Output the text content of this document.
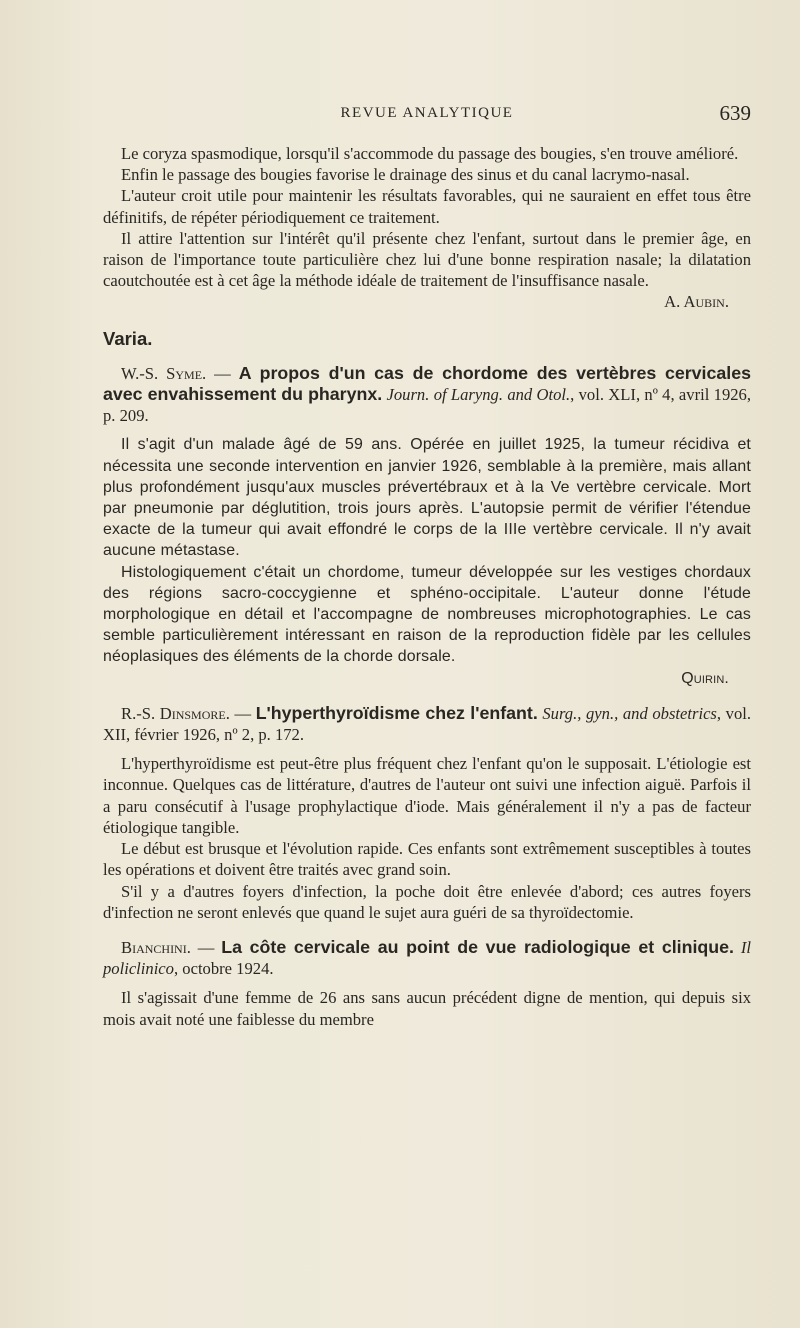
REVUE ANALYTIQUE	639

Le coryza spasmodique, lorsqu'il s'accommode du passage des bougies, s'en trouve amélioré.

Enfin le passage des bougies favorise le drainage des sinus et du canal lacrymo-nasal.

L'auteur croit utile pour maintenir les résultats favorables, qui ne sauraient en effet tous être définitifs, de répéter périodiquement ce traitement.

Il attire l'attention sur l'intérêt qu'il présente chez l'enfant, surtout dans le premier âge, en raison de l'importance toute particulière chez lui d'une bonne respiration nasale; la dilatation caoutchoutée est à cet âge la méthode idéale de traitement de l'insuffisance nasale.

A. Aubin.

Varia.

W.-S. Syme. — A propos d'un cas de chordome des vertèbres cervicales avec envahissement du pharynx. Journ. of Laryng. and Otol., vol. XLI, nº 4, avril 1926, p. 209.

Il s'agit d'un malade âgé de 59 ans. Opérée en juillet 1925, la tumeur récidiva et nécessita une seconde intervention en janvier 1926, semblable à la première, mais allant plus profondément jusqu'aux muscles prévertébraux et à la Ve vertèbre cervicale. Mort par pneumonie par déglutition, trois jours après. L'autopsie permit de vérifier l'étendue exacte de la tumeur qui avait effondré le corps de la IIIe vertèbre cervicale. Il n'y avait aucune métastase.

Histologiquement c'était un chordome, tumeur développée sur les vestiges chordaux des régions sacro-coccygienne et sphéno-occipitale. L'auteur donne l'étude morphologique en détail et l'accompagne de nombreuses microphotographies. Le cas semble particulièrement intéressant en raison de la reproduction fidèle par les cellules néoplasiques des éléments de la chorde dorsale.

Quirin.

R.-S. Dinsmore. — L'hyperthyroïdisme chez l'enfant. Surg., gyn., and obstetrics, vol. XII, février 1926, nº 2, p. 172.

L'hyperthyroïdisme est peut-être plus fréquent chez l'enfant qu'on le supposait. L'étiologie est inconnue. Quelques cas de littérature, d'autres de l'auteur ont suivi une infection aiguë. Parfois il a paru consécutif à l'usage prophylactique d'iode. Mais généralement il n'y a pas de facteur étiologique tangible.

Le début est brusque et l'évolution rapide. Ces enfants sont extrêmement susceptibles à toutes les opérations et doivent être traités avec grand soin.

S'il y a d'autres foyers d'infection, la poche doit être enlevée d'abord; ces autres foyers d'infection ne seront enlevés que quand le sujet aura guéri de sa thyroïdectomie.

Bianchini. — La côte cervicale au point de vue radiologique et clinique. Il policlinico, octobre 1924.

Il s'agissait d'une femme de 26 ans sans aucun précédent digne de mention, qui depuis six mois avait noté une faiblesse du membre
